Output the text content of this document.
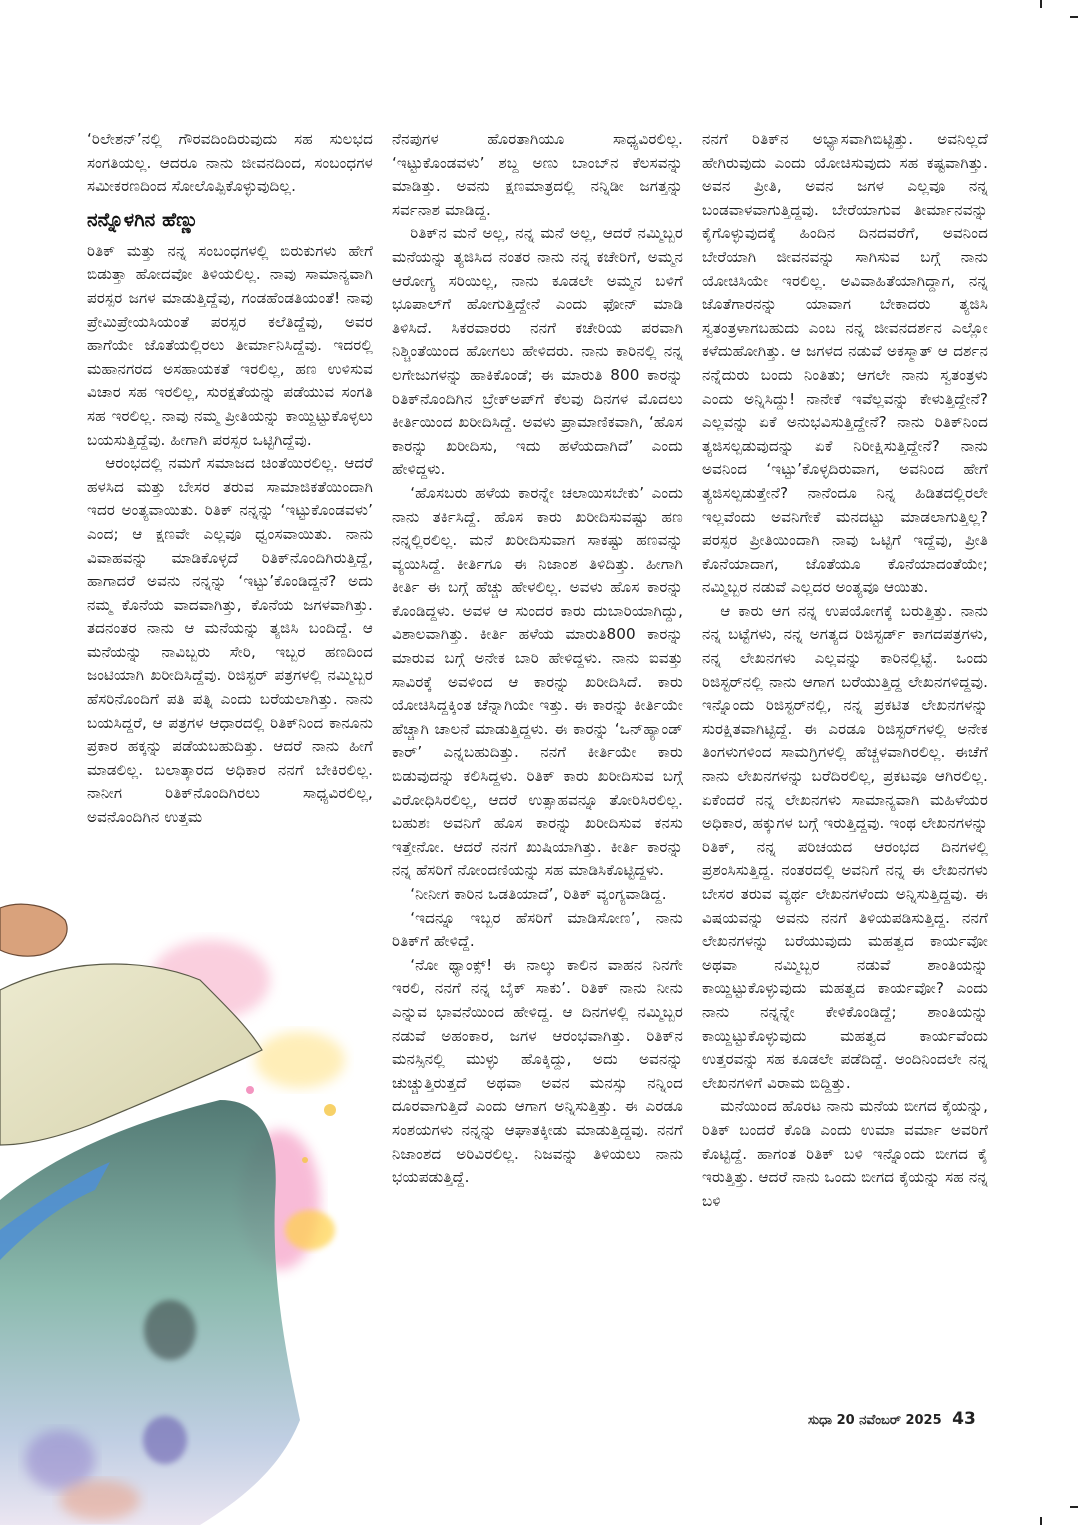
‘ರಿಲೇಶನ್’ನಲ್ಲಿ ಗೌರವದಿಂದಿರುವುದು ಸಹ ಸುಲಭದ ಸಂಗತಿಯಲ್ಲ. ಆದರೂ ನಾನು ಜೀವನದಿಂದ, ಸಂಬಂಧಗಳ ಸಮೀಕರಣದಿಂದ ಸೋಲೊಪ್ಪಿಕೊಳ್ಳುವುದಿಲ್ಲ.

ನನ್ನೊಳಗಿನ ಹೆಣ್ಣು

ರಿತಿಕ್ ಮತ್ತು ನನ್ನ ಸಂಬಂಧಗಳಲ್ಲಿ ಬಿರುಕುಗಳು ಹೇಗೆ ಬಿಡುತ್ತಾ ಹೋದವೋ ತಿಳಿಯಲಿಲ್ಲ. ನಾವು ಸಾಮಾನ್ಯವಾಗಿ ಪರಸ್ಪರ ಜಗಳ ಮಾಡುತ್ತಿದ್ದೆವು, ಗಂಡಹೆಂಡತಿಯಂತೆ! ನಾವು ಪ್ರೇಮಿಪ್ರೇಯಸಿಯಂತೆ ಪರಸ್ಪರ ಕಲೆತಿದ್ದೆವು, ಅವರ ಹಾಗೆಯೇ ಜೊತೆಯಲ್ಲಿರಲು ತೀರ್ಮಾನಿಸಿದ್ದೆವು. ಇದರಲ್ಲಿ ಮಹಾನಗರದ ಅಸಹಾಯಕತೆ ಇರಲಿಲ್ಲ, ಹಣ ಉಳಿಸುವ ವಿಚಾರ ಸಹ ಇರಲಿಲ್ಲ, ಸುರಕ್ಷತೆಯನ್ನು ಪಡೆಯುವ ಸಂಗತಿ ಸಹ ಇರಲಿಲ್ಲ. ನಾವು ನಮ್ಮ ಪ್ರೀತಿಯನ್ನು ಕಾಯ್ದಿಟ್ಟುಕೊಳ್ಳಲು ಬಯಸುತ್ತಿದ್ದೆವು. ಹೀಗಾಗಿ ಪರಸ್ಪರ ಒಟ್ಟಿಗಿದ್ದೆವು.

ಆರಂಭದಲ್ಲಿ ನಮಗೆ ಸಮಾಜದ ಚಿಂತೆಯಿರಲಿಲ್ಲ. ಆದರೆ ಹಳಸಿದ ಮತ್ತು ಬೇಸರ ತರುವ ಸಾಮಾಜಿಕತೆಯಿಂದಾಗಿ ಇದರ ಅಂತ್ಯವಾಯಿತು. ರಿತಿಕ್ ನನ್ನನ್ನು ‘ಇಟ್ಟುಕೊಂಡವಳು’ ಎಂದ; ಆ ಕ್ಷಣವೇ ಎಲ್ಲವೂ ಧ್ವಂಸವಾಯಿತು. ನಾನು ವಿವಾಹವನ್ನು ಮಾಡಿಕೊಳ್ಳದೆ ರಿತಿಕ್‌ನೊಂದಿಗಿರುತ್ತಿದ್ದೆ, ಹಾಗಾದರೆ ಅವನು ನನ್ನನ್ನು ‘ಇಟ್ಟು’ಕೊಂಡಿದ್ದನೆ? ಅದು ನಮ್ಮ ಕೊನೆಯ ವಾದವಾಗಿತ್ತು, ಕೊನೆಯ ಜಗಳವಾಗಿತ್ತು. ತದನಂತರ ನಾನು ಆ ಮನೆಯನ್ನು ತ್ಯಜಿಸಿ ಬಂದಿದ್ದೆ. ಆ ಮನೆಯನ್ನು ನಾವಿಬ್ಬರು ಸೇರಿ, ಇಬ್ಬರ ಹಣದಿಂದ ಜಂಟಿಯಾಗಿ ಖರೀದಿಸಿದ್ದೆವು. ರಿಜಿಸ್ಟರ್ ಪತ್ರಗಳಲ್ಲಿ ನಮ್ಮಿಬ್ಬರ ಹೆಸರಿನೊಂದಿಗೆ ಪತಿ ಪತ್ನಿ ಎಂದು ಬರೆಯಲಾಗಿತ್ತು. ನಾನು ಬಯಸಿದ್ದರೆ, ಆ ಪತ್ರಗಳ ಆಧಾರದಲ್ಲಿ ರಿತಿಕ್‌ನಿಂದ ಕಾನೂನು ಪ್ರಕಾರ ಹಕ್ಕನ್ನು ಪಡೆಯಬಹುದಿತ್ತು. ಆದರೆ ನಾನು ಹೀಗೆ ಮಾಡಲಿಲ್ಲ. ಬಲಾತ್ಕಾರದ ಅಧಿಕಾರ ನನಗೆ ಬೇಕಿರಲಿಲ್ಲ. ನಾನೀಗ ರಿತಿಕ್‌ನೊಂದಿಗಿರಲು ಸಾಧ್ಯವಿರಲಿಲ್ಲ, ಅವನೊಂದಿಗಿನ ಉತ್ತಮ

ನೆನಪುಗಳ ಹೊರತಾಗಿಯೂ ಸಾಧ್ಯವಿರಲಿಲ್ಲ. ‘ಇಟ್ಟುಕೊಂಡವಳು’ ಶಬ್ದ ಅಣು ಬಾಂಬ್‌ನ ಕೆಲಸವನ್ನು ಮಾಡಿತ್ತು. ಅವನು ಕ್ಷಣಮಾತ್ರದಲ್ಲಿ ನನ್ನಿಡೀ ಜಗತ್ತನ್ನು ಸರ್ವನಾಶ ಮಾಡಿದ್ದ.

ರಿತಿಕ್‌ನ ಮನೆ ಅಲ್ಲ, ನನ್ನ ಮನೆ ಅಲ್ಲ, ಆದರೆ ನಮ್ಮಿಬ್ಬರ ಮನೆಯನ್ನು ತ್ಯಜಿಸಿದ ನಂತರ ನಾನು ನನ್ನ ಕಚೇರಿಗೆ, ಅಮ್ಮನ ಆರೋಗ್ಯ ಸರಿಯಿಲ್ಲ, ನಾನು ಕೂಡಲೇ ಅಮ್ಮನ ಬಳಿಗೆ ಭೂಪಾಲ್‌ಗೆ ಹೋಗುತ್ತಿದ್ದೇನೆ ಎಂದು ಫೋನ್ ಮಾಡಿ ತಿಳಿಸಿದೆ. ಸಿಕರವಾರರು ನನಗೆ ಕಚೇರಿಯ ಪರವಾಗಿ ನಿಶ್ಚಿಂತೆಯಿಂದ ಹೋಗಲು ಹೇಳಿದರು. ನಾನು ಕಾರಿನಲ್ಲಿ ನನ್ನ ಲಗೇಜುಗಳನ್ನು ಹಾಕಿಕೊಂಡೆ; ಈ ಮಾರುತಿ 800 ಕಾರನ್ನು ರಿತಿಕ್‌ನೊಂದಿಗಿನ ಬ್ರೇಕ್‌ಅಪ್‌ಗೆ ಕೆಲವು ದಿನಗಳ ಮೊದಲು ಕೀರ್ತಿಯಿಂದ ಖರೀದಿಸಿದ್ದೆ. ಅವಳು ಪ್ರಾಮಾಣಿಕವಾಗಿ, ‘ಹೊಸ ಕಾರನ್ನು ಖರೀದಿಸು, ಇದು ಹಳೆಯದಾಗಿದೆ’ ಎಂದು ಹೇಳಿದ್ದಳು.

‘ಹೊಸಬರು ಹಳೆಯ ಕಾರನ್ನೇ ಚಲಾಯಿಸಬೇಕು’ ಎಂದು ನಾನು ತರ್ಕಿಸಿದ್ದೆ. ಹೊಸ ಕಾರು ಖರೀದಿಸುವಷ್ಟು ಹಣ ನನ್ನಲ್ಲಿರಲಿಲ್ಲ. ಮನೆ ಖರೀದಿಸುವಾಗ ಸಾಕಷ್ಟು ಹಣವನ್ನು ವ್ಯಯಿಸಿದ್ದೆ. ಕೀರ್ತಿಗೂ ಈ ನಿಜಾಂಶ ತಿಳಿದಿತ್ತು. ಹೀಗಾಗಿ ಕೀರ್ತಿ ಈ ಬಗ್ಗೆ ಹೆಚ್ಚು ಹೇಳಲಿಲ್ಲ. ಅವಳು ಹೊಸ ಕಾರನ್ನು ಕೊಂಡಿದ್ದಳು. ಅವಳ ಆ ಸುಂದರ ಕಾರು ದುಬಾರಿಯಾಗಿದ್ದು, ವಿಶಾಲವಾಗಿತ್ತು. ಕೀರ್ತಿ ಹಳೆಯ ಮಾರುತಿ800 ಕಾರನ್ನು ಮಾರುವ ಬಗ್ಗೆ ಅನೇಕ ಬಾರಿ ಹೇಳಿದ್ದಳು. ನಾನು ಐವತ್ತು ಸಾವಿರಕ್ಕೆ ಅವಳಿಂದ ಆ ಕಾರನ್ನು ಖರೀದಿಸಿದೆ. ಕಾರು ಯೋಚಿಸಿದ್ದಕ್ಕಿಂತ ಚೆನ್ನಾಗಿಯೇ ಇತ್ತು. ಈ ಕಾರನ್ನು ಕೀರ್ತಿಯೇ ಹೆಚ್ಚಾಗಿ ಚಾಲನೆ ಮಾಡುತ್ತಿದ್ದಳು. ಈ ಕಾರನ್ನು ‘ಒನ್‌ಹ್ಯಾಂಡ್ ಕಾರ್’ ಎನ್ನಬಹುದಿತ್ತು. ನನಗೆ ಕೀರ್ತಿಯೇ ಕಾರು ಬಿಡುವುದನ್ನು ಕಲಿಸಿದ್ದಳು. ರಿತಿಕ್ ಕಾರು ಖರೀದಿಸುವ ಬಗ್ಗೆ ವಿರೋಧಿಸಿರಲಿಲ್ಲ, ಆದರೆ ಉತ್ಸಾಹವನ್ನೂ ತೋರಿಸಿರಲಿಲ್ಲ. ಬಹುಶಃ ಅವನಿಗೆ ಹೊಸ ಕಾರನ್ನು ಖರೀದಿಸುವ ಕನಸು ಇತ್ತೇನೋ. ಆದರೆ ನನಗೆ ಖುಷಿಯಾಗಿತ್ತು. ಕೀರ್ತಿ ಕಾರನ್ನು ನನ್ನ ಹೆಸರಿಗೆ ನೋಂದಣಿಯನ್ನು ಸಹ ಮಾಡಿಸಿಕೊಟ್ಟಿದ್ದಳು.

‘ನೀನೀಗ ಕಾರಿನ ಒಡತಿಯಾದೆ’, ರಿತಿಕ್ ವ್ಯಂಗ್ಯವಾಡಿದ್ದ.

‘ಇದನ್ನೂ ಇಬ್ಬರ ಹೆಸರಿಗೆ ಮಾಡಿಸೋಣ’, ನಾನು ರಿತಿಕ್‌ಗೆ ಹೇಳಿದ್ದೆ.

‘ನೋ ಥ್ಯಾಂಕ್ಸ್! ಈ ನಾಲ್ಕು ಕಾಲಿನ ವಾಹನ ನಿನಗೇ ಇರಲಿ, ನನಗೆ ನನ್ನ ಬೈಕ್ ಸಾಕು’. ರಿತಿಕ್ ನಾನು ನೀನು ಎನ್ನುವ ಭಾವನೆಯಿಂದ ಹೇಳಿದ್ದ. ಆ ದಿನಗಳಲ್ಲಿ ನಮ್ಮಿಬ್ಬರ ನಡುವೆ ಅಹಂಕಾರ, ಜಗಳ ಆರಂಭವಾಗಿತ್ತು. ರಿತಿಕ್‌ನ ಮನಸ್ಸಿನಲ್ಲಿ ಮುಳ್ಳು ಹೊಕ್ಕಿದ್ದು, ಅದು ಅವನನ್ನು ಚುಚ್ಚುತ್ತಿರುತ್ತದೆ ಅಥವಾ ಅವನ ಮನಸ್ಸು ನನ್ನಿಂದ ದೂರವಾಗುತ್ತಿದೆ ಎಂದು ಆಗಾಗ ಅನ್ನಿಸುತ್ತಿತ್ತು. ಈ ಎರಡೂ ಸಂಶಯಗಳು ನನ್ನನ್ನು ಆಘಾತಕ್ಕೀಡು ಮಾಡುತ್ತಿದ್ದವು. ನನಗೆ ನಿಜಾಂಶದ ಅರಿವಿರಲಿಲ್ಲ. ನಿಜವನ್ನು ತಿಳಿಯಲು ನಾನು ಭಯಪಡುತ್ತಿದ್ದೆ.

ನನಗೆ ರಿತಿಕ್‌ನ ಅಭ್ಯಾಸವಾಗಿಬಿಟ್ಟಿತ್ತು. ಅವನಿಲ್ಲದೆ ಹೇಗಿರುವುದು ಎಂದು ಯೋಚಿಸುವುದು ಸಹ ಕಷ್ಟವಾಗಿತ್ತು. ಅವನ ಪ್ರೀತಿ, ಅವನ ಜಗಳ ಎಲ್ಲವೂ ನನ್ನ ಬಂಡವಾಳವಾಗುತ್ತಿದ್ದವು. ಬೇರೆಯಾಗುವ ತೀರ್ಮಾನವನ್ನು ಕೈಗೊಳ್ಳುವುದಕ್ಕೆ ಹಿಂದಿನ ದಿನದವರೆಗೆ, ಅವನಿಂದ ಬೇರೆಯಾಗಿ ಜೀವನವನ್ನು ಸಾಗಿಸುವ ಬಗ್ಗೆ ನಾನು ಯೋಚಿಸಿಯೇ ಇರಲಿಲ್ಲ. ಅವಿವಾಹಿತೆಯಾಗಿದ್ದಾಗ, ನನ್ನ ಜೊತೆಗಾರನನ್ನು ಯಾವಾಗ ಬೇಕಾದರು ತ್ಯಜಿಸಿ ಸ್ವತಂತ್ರಳಾಗಬಹುದು ಎಂಬ ನನ್ನ ಜೀವನದರ್ಶನ ಎಲ್ಲೋ ಕಳೆದುಹೋಗಿತ್ತು. ಆ ಜಗಳದ ನಡುವೆ ಅಕಸ್ಮಾತ್ ಆ ದರ್ಶನ ನನ್ನೆದುರು ಬಂದು ನಿಂತಿತು; ಆಗಲೇ ನಾನು ಸ್ವತಂತ್ರಳು ಎಂದು ಅನ್ನಿಸಿದ್ದು! ನಾನೇಕೆ ಇವೆಲ್ಲವನ್ನು ಕೇಳುತ್ತಿದ್ದೇನೆ? ಎಲ್ಲವನ್ನು ಏಕೆ ಅನುಭವಿಸುತ್ತಿದ್ದೇನೆ? ನಾನು ರಿತಿಕ್‌ನಿಂದ ತ್ಯಜಿಸಲ್ಪಡುವುದನ್ನು ಏಕೆ ನಿರೀಕ್ಷಿಸುತ್ತಿದ್ದೇನೆ? ನಾನು ಅವನಿಂದ ‘ಇಟ್ಟು’ಕೊಳ್ಳದಿರುವಾಗ, ಅವನಿಂದ ಹೇಗೆ ತ್ಯಜಿಸಲ್ಪಡುತ್ತೇನೆ? ನಾನೆಂದೂ ನಿನ್ನ ಹಿಡಿತದಲ್ಲಿರಲೇ ಇಲ್ಲವೆಂದು ಅವನಿಗೇಕೆ ಮನದಟ್ಟು ಮಾಡಲಾಗುತ್ತಿಲ್ಲ? ಪರಸ್ಪರ ಪ್ರೀತಿಯಿಂದಾಗಿ ನಾವು ಒಟ್ಟಿಗೆ ಇದ್ದೆವು, ಪ್ರೀತಿ ಕೊನೆಯಾದಾಗ, ಜೊತೆಯೂ ಕೊನೆಯಾದಂತೆಯೇ; ನಮ್ಮಿಬ್ಬರ ನಡುವೆ ಎಲ್ಲದರ ಅಂತ್ಯವೂ ಆಯಿತು.

ಆ ಕಾರು ಆಗ ನನ್ನ ಉಪಯೋಗಕ್ಕೆ ಬರುತ್ತಿತ್ತು. ನಾನು ನನ್ನ ಬಟ್ಟೆಗಳು, ನನ್ನ ಅಗತ್ಯದ ರಿಜಿಸ್ಟರ್ಡ್ ಕಾಗದಪತ್ರಗಳು, ನನ್ನ ಲೇಖನಗಳು ಎಲ್ಲವನ್ನು ಕಾರಿನಲ್ಲಿಟ್ಟೆ. ಒಂದು ರಿಜಿಸ್ಟರ್‌ನಲ್ಲಿ ನಾನು ಆಗಾಗ ಬರೆಯುತ್ತಿದ್ದ ಲೇಖನಗಳಿದ್ದವು. ಇನ್ನೊಂದು ರಿಜಿಸ್ಟರ್‌ನಲ್ಲಿ, ನನ್ನ ಪ್ರಕಟಿತ ಲೇಖನಗಳನ್ನು ಸುರಕ್ಷಿತವಾಗಿಟ್ಟಿದ್ದೆ. ಈ ಎರಡೂ ರಿಜಿಸ್ಟರ್‌ಗಳಲ್ಲಿ ಅನೇಕ ತಿಂಗಳುಗಳಿಂದ ಸಾಮಗ್ರಿಗಳಲ್ಲಿ ಹೆಚ್ಚಳವಾಗಿರಲಿಲ್ಲ. ಈಚೆಗೆ ನಾನು ಲೇಖನಗಳನ್ನು ಬರೆದಿರಲಿಲ್ಲ, ಪ್ರಕಟವೂ ಆಗಿರಲಿಲ್ಲ. ಏಕೆಂದರೆ ನನ್ನ ಲೇಖನಗಳು ಸಾಮಾನ್ಯವಾಗಿ ಮಹಿಳೆಯರ ಅಧಿಕಾರ, ಹಕ್ಕುಗಳ ಬಗ್ಗೆ ಇರುತ್ತಿದ್ದವು. ಇಂಥ ಲೇಖನಗಳನ್ನು ರಿತಿಕ್, ನನ್ನ ಪರಿಚಯದ ಆರಂಭದ ದಿನಗಳಲ್ಲಿ ಪ್ರಶಂಸಿಸುತ್ತಿದ್ದ. ನಂತರದಲ್ಲಿ ಅವನಿಗೆ ನನ್ನ ಈ ಲೇಖನಗಳು ಬೇಸರ ತರುವ ವ್ಯರ್ಥ ಲೇಖನಗಳೆಂದು ಅನ್ನಿಸುತ್ತಿದ್ದವು. ಈ ವಿಷಯವನ್ನು ಅವನು ನನಗೆ ತಿಳಿಯಪಡಿಸುತ್ತಿದ್ದ. ನನಗೆ ಲೇಖನಗಳನ್ನು ಬರೆಯುವುದು ಮಹತ್ವದ ಕಾರ್ಯವೋ ಅಥವಾ ನಮ್ಮಿಬ್ಬರ ನಡುವೆ ಶಾಂತಿಯನ್ನು ಕಾಯ್ದಿಟ್ಟುಕೊಳ್ಳುವುದು ಮಹತ್ವದ ಕಾರ್ಯವೋ? ಎಂದು ನಾನು ನನ್ನನ್ನೇ ಕೇಳಿಕೊಂಡಿದ್ದೆ; ಶಾಂತಿಯನ್ನು ಕಾಯ್ದಿಟ್ಟುಕೊಳ್ಳುವುದು ಮಹತ್ವದ ಕಾರ್ಯವೆಂದು ಉತ್ತರವನ್ನು ಸಹ ಕೂಡಲೇ ಪಡೆದಿದ್ದೆ. ಅಂದಿನಿಂದಲೇ ನನ್ನ ಲೇಖನಗಳಿಗೆ ವಿರಾಮ ಬಿದ್ದಿತ್ತು.

ಮನೆಯಿಂದ ಹೊರಟ ನಾನು ಮನೆಯ ಬೀಗದ ಕೈಯನ್ನು, ರಿತಿಕ್ ಬಂದರೆ ಕೊಡಿ ಎಂದು ಉಮಾ ವರ್ಮಾ ಅವರಿಗೆ ಕೊಟ್ಟಿದ್ದೆ. ಹಾಗಂತ ರಿತಿಕ್ ಬಳಿ ಇನ್ನೊಂದು ಬೀಗದ ಕೈ ಇರುತ್ತಿತ್ತು. ಆದರೆ ನಾನು ಒಂದು ಬೀಗದ ಕೈಯನ್ನು ಸಹ ನನ್ನ ಬಳಿ

ಸುಧಾ 20 ನವೆಂಬರ್ 2025 43
